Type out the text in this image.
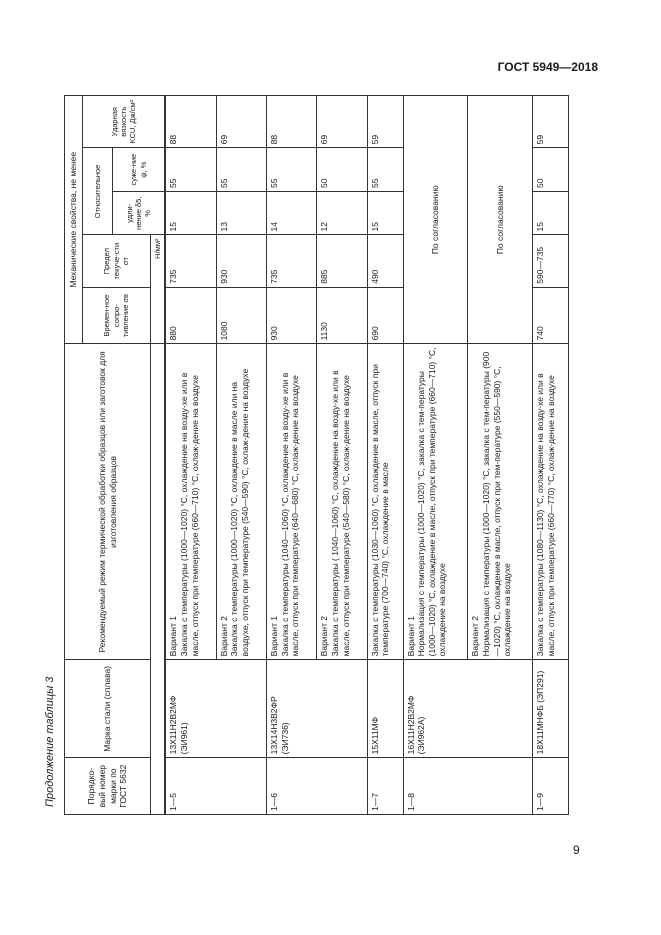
ГОСТ 5949—2018
Продолжение таблицы 3	Порядко-вый номер марки по ГОСТ 5632	Марка стали (сплава)	Рекомендуемый режим термической обработки образцов или заготовок для изготовления образцов	Механические свойства, не менее				
			Времен-ное сопро-тивление σв	Предел текуче-сти σт	Относительное		Ударная вязкость KCU, Дж/см²
					удли-нение δ5, %	суже-ние ψ, %	
			Н/мм²				
1—5	13Х11Н2В2МФ (ЭИ961)	Вариант 1
Закалка с температуры (1000—1020) °C, охлаждение на возду-хе или в масле, отпуск при температуре (660—710) °C, охлаж-дение на воздухе	880	735	15	55	88
		Вариант 2
Закалка с температуры (1000—1020) °C, охлаждение в масле или на воздухе, отпуск при температуре (540—590) °C, охлаж-дение на воздухе	1080	930	13	55	69
1—6	13Х14Н3В2ФР (ЭИ736)	Вариант 1
Закалка с температуры (1040—1060) °C, охлаждение на возду-хе или в масле, отпуск при температуре (640—680) °C, охлаж-дение на воздухе	930	735	14	55	88
		Вариант 2
Закалка с температуры ( 1040—1060) °C, охлаждение на возду-хе или в масле, отпуск при температуре (540—580) °C, охлаж-дение на воздухе	1130	885	12	50	69
1—7	15Х11МФ	Закалка с температуры (1030—1060) °C, охлаждение в масле, отпуск при температуре (700—740) °C, охлаждение в масле	690	490	15	55	59
1—8	16Х11Н2В2МФ (ЭИ962А)	Вариант 1
Нормализация с температуры (1000—1020) °C, закалка с тем-пературы (1000—1020) °C, охлаждение в масле, отпуск при температуре (660—710) °C, охлаждение на воздухе	По согласованию				
		Вариант 2
Нормализация с температуры (1000—1020) °C, закалка с тем-пературы (900—1020) °C, охлаждение в масле, отпуск при тем-пературе (550—590) °C, охлаждение на воздухе	По согласованию				
1—9	18Х11МНФБ (ЭП291)	Закалка с температуры (1080—1130) °C, охлаждение на возду-хе или в масле, отпуск при температуре (660—770) °C, охлаж-дение на воздухе	740	590—735	15	50	59
9
